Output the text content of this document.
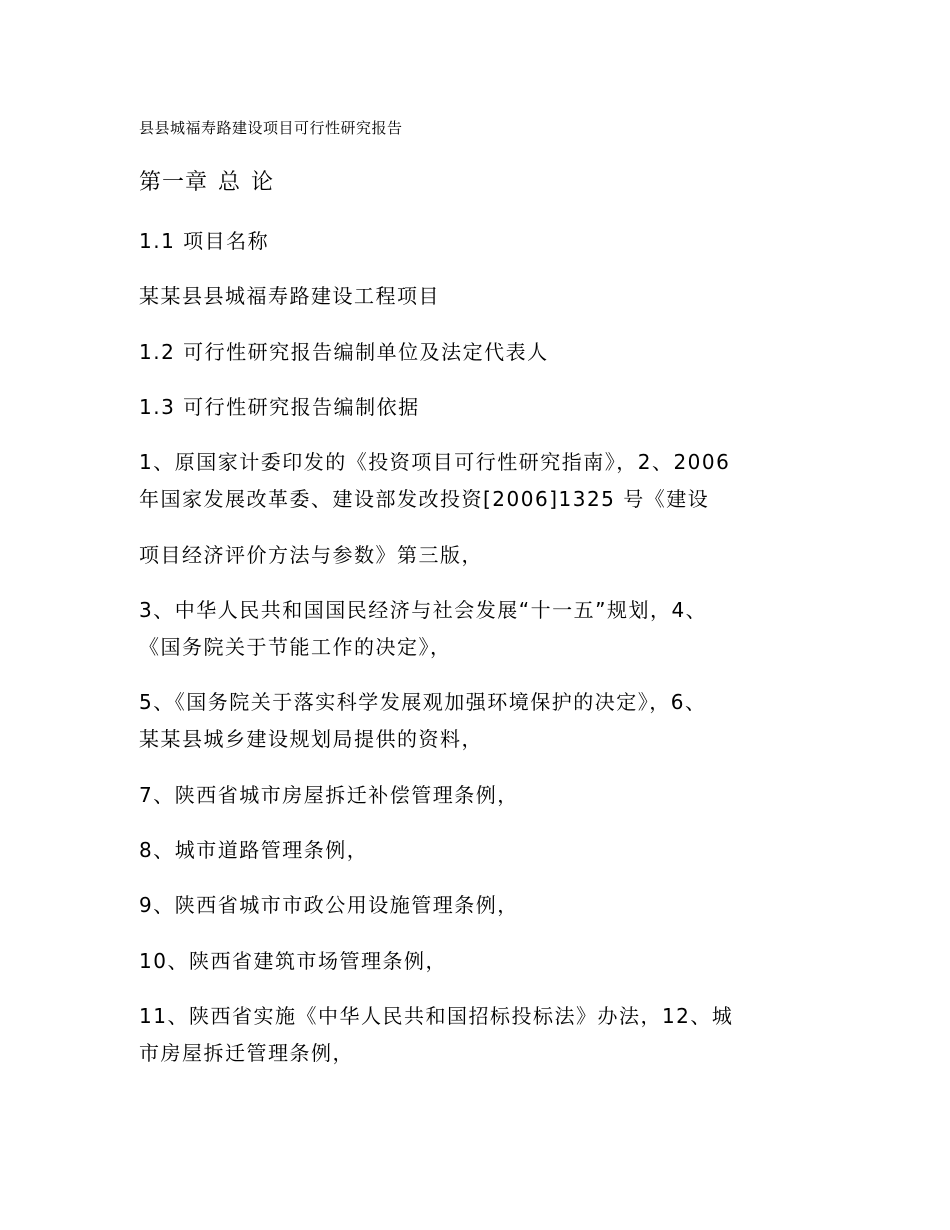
县县城福寿路建设项目可行性研究报告
第一章 总 论
1.1 项目名称
某某县县城福寿路建设工程项目
1.2 可行性研究报告编制单位及法定代表人
1.3 可行性研究报告编制依据
1、原国家计委印发的《投资项目可行性研究指南》，2、2006
年国家发展改革委、建设部发改投资[2006]1325 号《建设
项目经济评价方法与参数》第三版，
3、中华人民共和国国民经济与社会发展“十一五”规划，4、
《国务院关于节能工作的决定》，
5、《国务院关于落实科学发展观加强环境保护的决定》，6、
某某县城乡建设规划局提供的资料，
7、陕西省城市房屋拆迁补偿管理条例，
8、城市道路管理条例，
9、陕西省城市市政公用设施管理条例，
10、陕西省建筑市场管理条例，
11、陕西省实施《中华人民共和国招标投标法》办法，12、城
市房屋拆迁管理条例，
